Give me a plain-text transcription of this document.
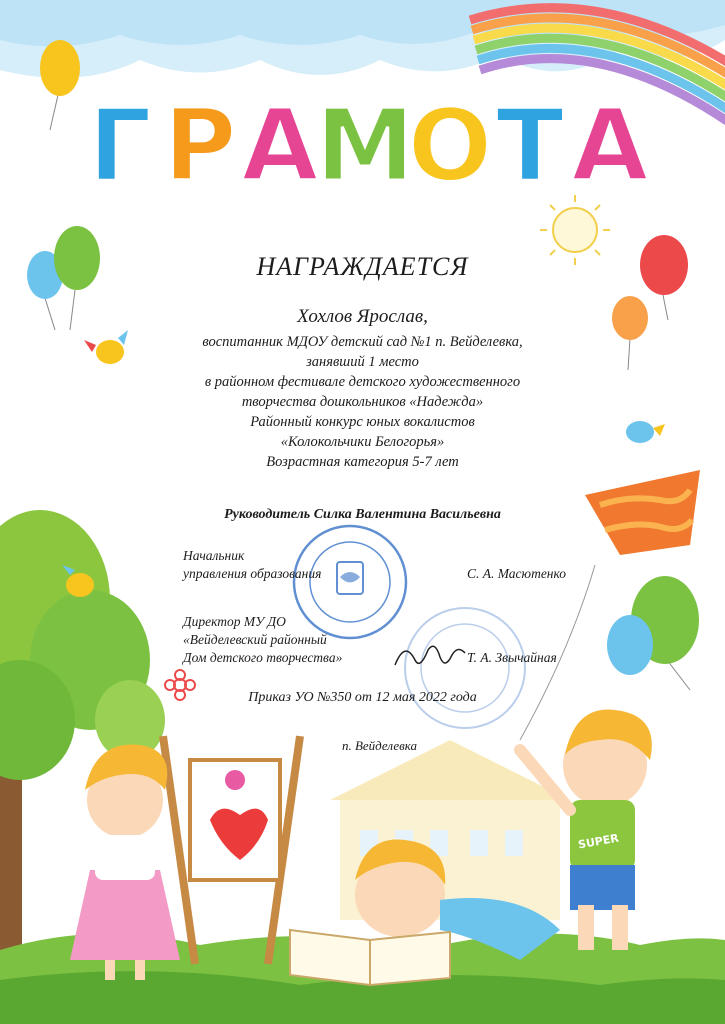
Г Р А
М
О Т А
НАГРАЖДАЕТСЯ
Хохлов Ярослав,
воспитанник МДОУ детский сад №1 п. Вейделевка,
занявший 1 место
в районном фестивале детского художественного
творчества дошкольников «Надежда»
Районный конкурс юных вокалистов
«Колокольчики Белогорья»
Возрастная категория 5-7 лет
Руководитель Силка Валентина Васильевна
Начальник
управления образования	С. А. Масютенко
Директор МУ ДО
«Вейделевский районный
Дом детского творчества»	Т. А. Звычайная
Приказ УО №350 от 12 мая 2022 года
п. Вейделевка
SUPER
